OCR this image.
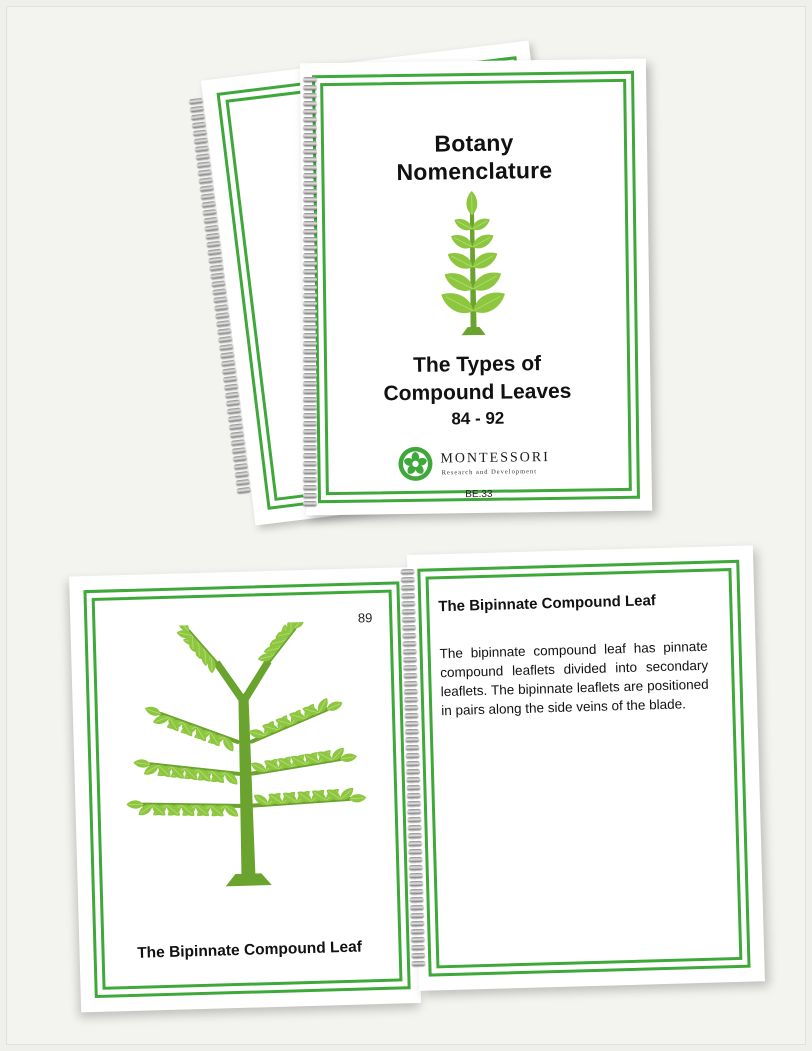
Botany
Nomenclature
The Types of
Compound Leaves
84 - 92
MONTESSORI
Research and Development
BE.33
89
The Bipinnate Compound Leaf
The Bipinnate Compound Leaf
The bipinnate compound leaf has pinnate compound leaflets divided into secondary leaflets. The bipinnate leaflets are positioned in pairs along the side veins of the blade.
